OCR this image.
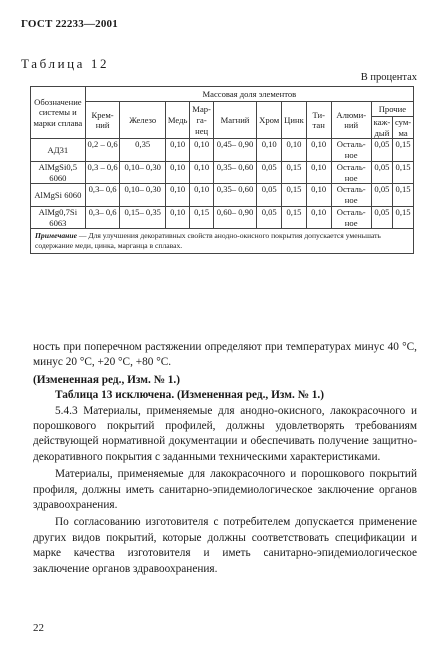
ГОСТ 22233—2001
Таблица 12
В процентах
Обозначение системы и марки сплава	Массовая доля элементов										
	Крем-ний	Железо	Медь	Мар-га-нец	Магний	Хром	Цинк	Ти-тан	Алюми-ний	Прочие	
										каж-дый	сум-ма
АД31	0,2 – 0,6	0,35	0,10	0,10	0,45– 0,90	0,10	0,10	0,10	Осталь-ное	0,05	0,15
AlMgSi0,5 6060	0,3 – 0,6	0,10– 0,30	0,10	0,10	0,35– 0,60	0,05	0,15	0,10	Осталь-ное	0,05	0,15
AlMgSi 6060	0,3– 0,6	0,10– 0,30	0,10	0,10	0,35– 0,60	0,05	0,15	0,10	Осталь-ное	0,05	0,15
AlMg0,7Si 6063	0,3– 0,6	0,15– 0,35	0,10	0,15	0,60– 0,90	0,05	0,15	0,10	Осталь-ное	0,05	0,15
Примечание — Для улучшения декоративных свойств анодно-окисного покрытия допускается уменьшать содержание меди, цинка, марганца в сплавах.											

ность при поперечном растяжении определяют при температурах минус 40 °С, минус 20 °С, +20 °С, +80 °С.

(Измененная ред., Изм. № 1.)

Таблица 13 исключена. (Измененная ред., Изм. № 1.)

5.4.3 Материалы, применяемые для анодно-окисного, лакокрасочного и порошкового покрытий профилей, должны удовлетворять требованиям действующей нормативной документации и обеспечивать получение защитно-декоративного покрытия с заданными техническими характеристиками.

Материалы, применяемые для лакокрасочного и порошкового покрытий профиля, должны иметь санитарно-эпидемиологическое заключение органов здравоохранения.

По согласованию изготовителя с потребителем допускается применение других видов покрытий, которые должны соответствовать спецификации и марке качества изготовителя и иметь санитарно-эпидемиологическое заключение органов здравоохранения.

22
